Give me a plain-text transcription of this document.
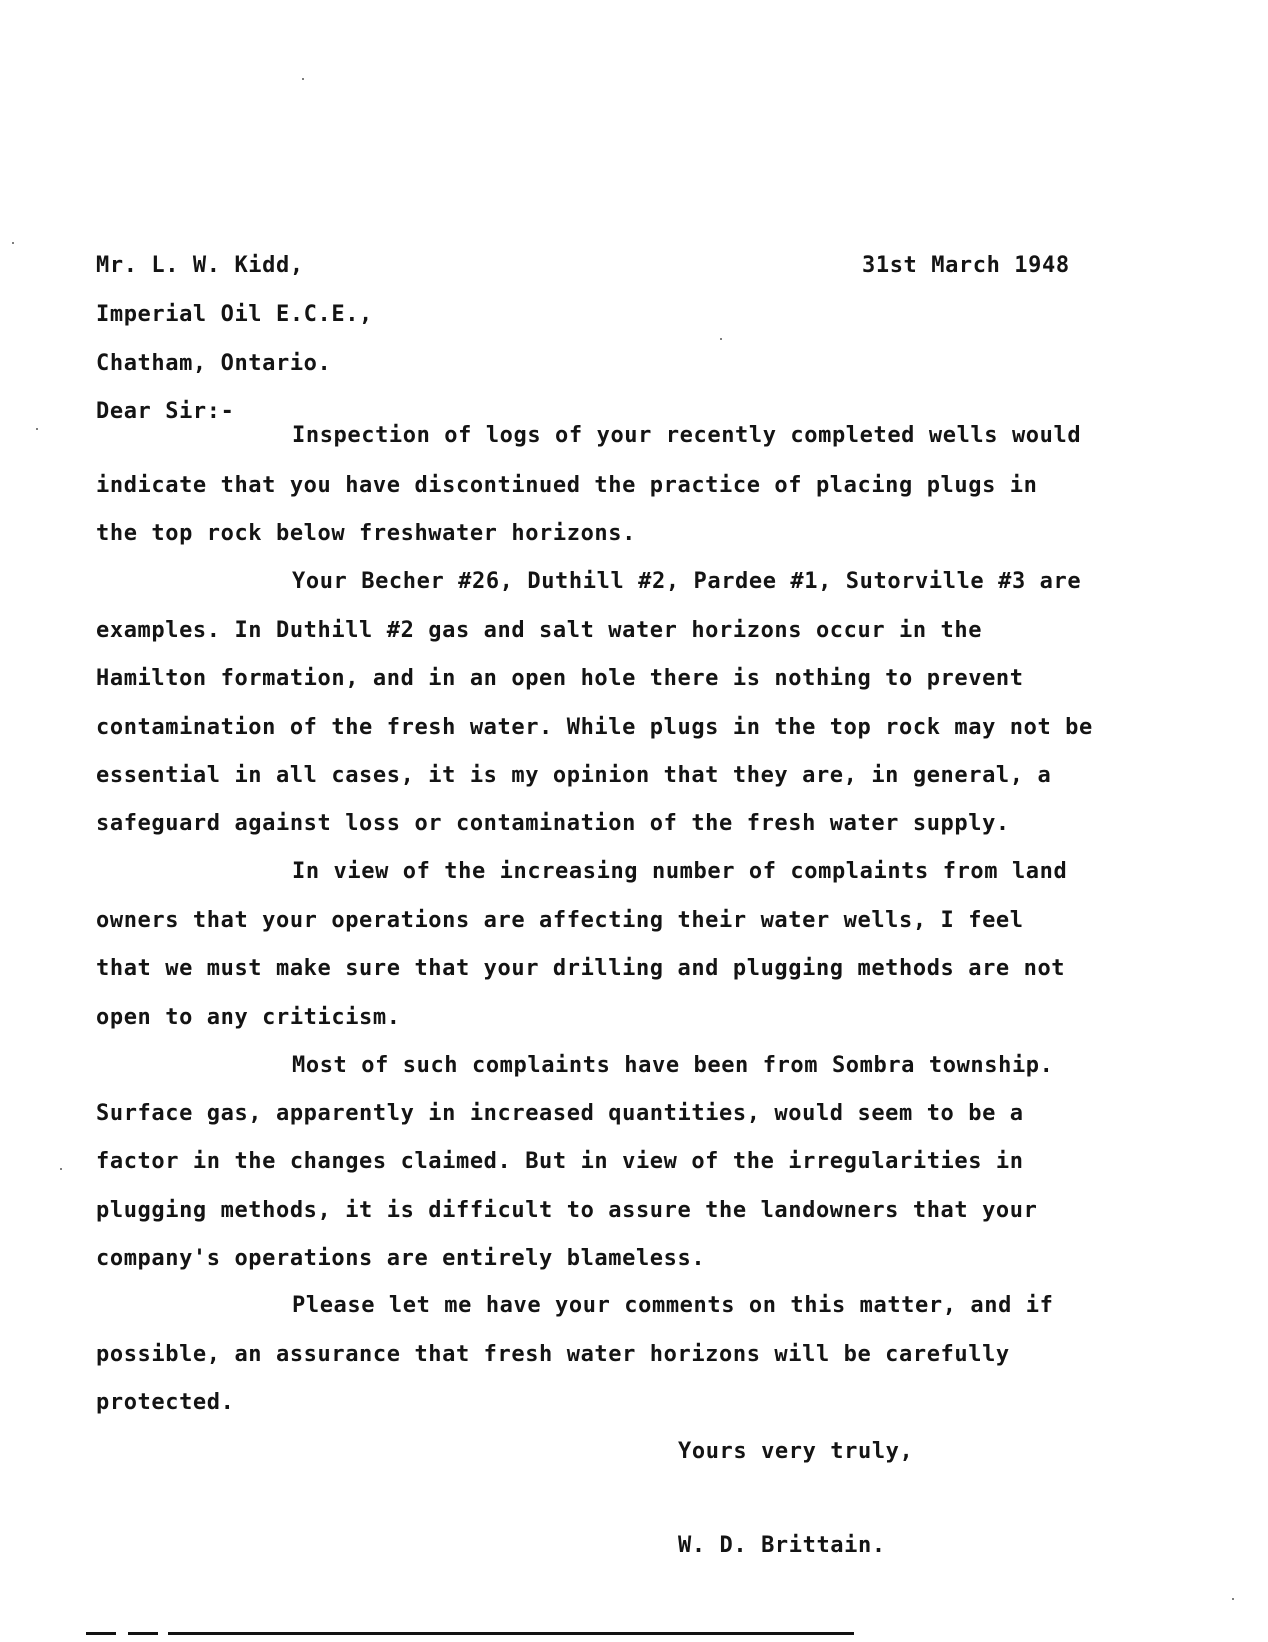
Mr. L. W. Kidd,	31st March 1948
Imperial Oil E.C.E.,
Chatham, Ontario.
Dear Sir:-
Inspection of logs of your recently completed wells would
indicate that you have discontinued the practice of placing plugs in
the top rock below freshwater horizons.
Your Becher #26, Duthill #2, Pardee #1, Sutorville #3 are
examples. In Duthill #2 gas and salt water horizons occur in the
Hamilton formation, and in an open hole there is nothing to prevent
contamination of the fresh water. While plugs in the top rock may not be
essential in all cases, it is my opinion that they are, in general, a
safeguard against loss or contamination of the fresh water supply.
In view of the increasing number of complaints from land
owners that your operations are affecting their water wells, I feel
that we must make sure that your drilling and plugging methods are not
open to any criticism.
Most of such complaints have been from Sombra township.
Surface gas, apparently in increased quantities, would seem to be a
factor in the changes claimed. But in view of the irregularities in
plugging methods, it is difficult to assure the landowners that your
company's operations are entirely blameless.
Please let me have your comments on this matter, and if
possible, an assurance that fresh water horizons will be carefully
protected.
Yours very truly,
W. D. Brittain.
